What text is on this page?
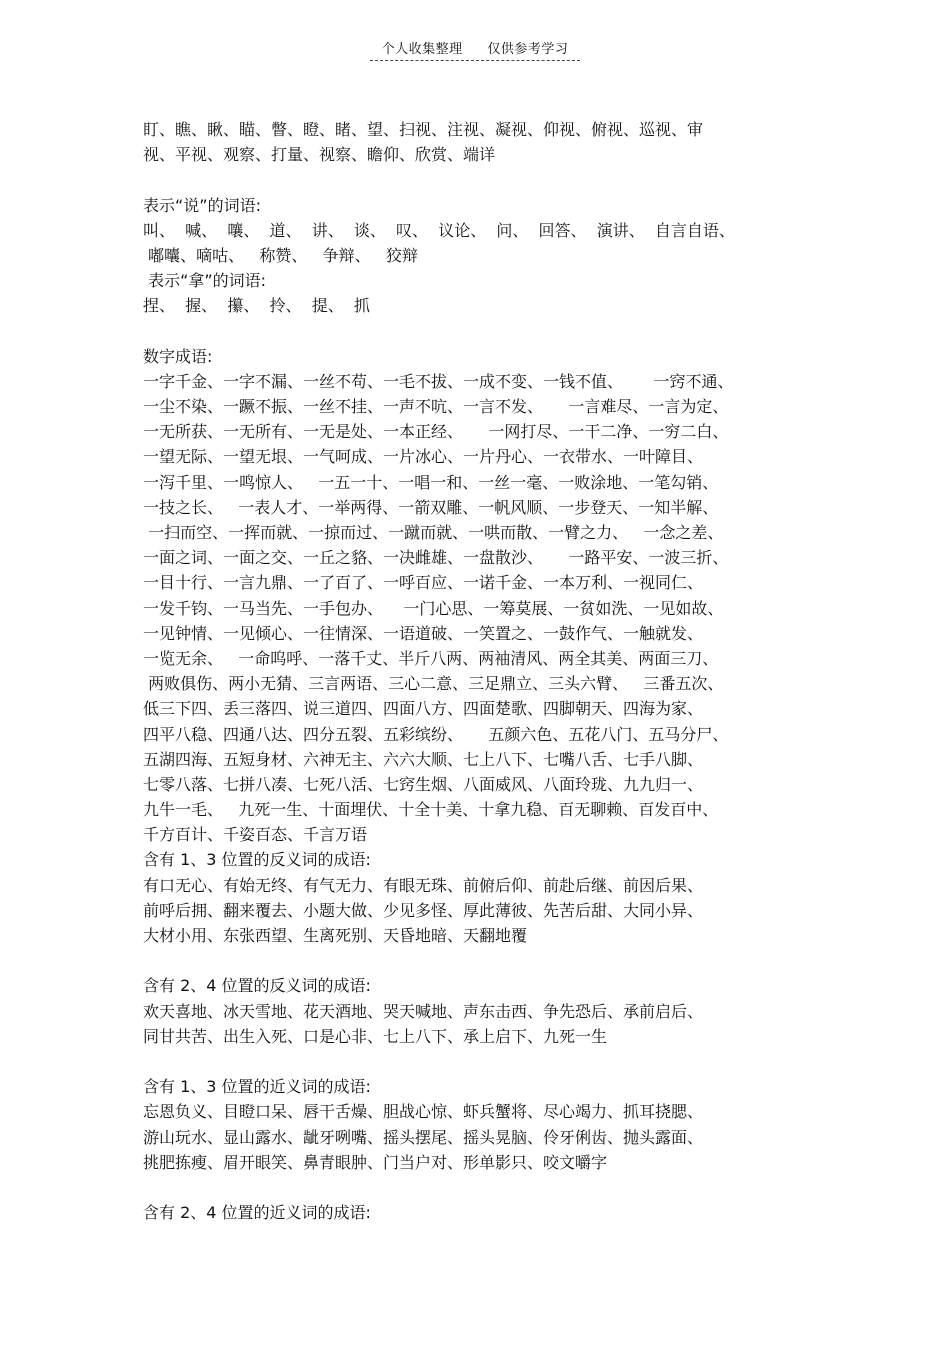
个人收集整理 仅供参考学习
盯、瞧、瞅、瞄、瞥、瞪、睹、望、扫视、注视、凝视、仰视、俯视、巡视、审
视、平视、观察、打量、视察、瞻仰、欣赏、端详
表示“说”的词语:
叫、  喊、  嚷、  道、  讲、  谈、  叹、  议论、  问、  回答、  演讲、  自言自语、
嘟囔、嘀咕、   称赞、   争辩、   狡辩
表示“拿”的词语:
捏、  握、  攥、  拎、  提、  抓
数字成语:
一字千金、一字不漏、一丝不苟、一毛不拔、一成不变、一钱不值、      一窍不通、
一尘不染、一蹶不振、一丝不挂、一声不吭、一言不发、     一言难尽、一言为定、
一无所获、一无所有、一无是处、一本正经、     一网打尽、一干二净、一穷二白、
一望无际、一望无垠、一气呵成、一片冰心、一片丹心、一衣带水、一叶障目、
一泻千里、一鸣惊人、   一五一十、一唱一和、一丝一毫、一败涂地、一笔勾销、
一技之长、   一表人才、一举两得、一箭双雕、一帆风顺、一步登天、一知半解、
一扫而空、一挥而就、一掠而过、一蹴而就、一哄而散、一臂之力、   一念之差、
一面之词、一面之交、一丘之貉、一决雌雄、一盘散沙、     一路平安、一波三折、
一目十行、一言九鼎、一了百了、一呼百应、一诺千金、一本万利、一视同仁、
一发千钧、一马当先、一手包办、    一门心思、一筹莫展、一贫如洗、一见如故、
一见钟情、一见倾心、一往情深、一语道破、一笑置之、一鼓作气、一触就发、
一览无余、   一命呜呼、一落千丈、半斤八两、两袖清风、两全其美、两面三刀、
两败俱伤、两小无猜、三言两语、三心二意、三足鼎立、三头六臂、   三番五次、
低三下四、丢三落四、说三道四、四面八方、四面楚歌、四脚朝天、四海为家、
四平八稳、四通八达、四分五裂、五彩缤纷、     五颜六色、五花八门、五马分尸、
五湖四海、五短身材、六神无主、六六大顺、七上八下、七嘴八舌、七手八脚、
七零八落、七拼八凑、七死八活、七窍生烟、八面威风、八面玲珑、九九归一、
九牛一毛、   九死一生、十面埋伏、十全十美、十拿九稳、百无聊赖、百发百中、
千方百计、千姿百态、千言万语
含有 1、3 位置的反义词的成语:
有口无心、有始无终、有气无力、有眼无珠、前俯后仰、前赴后继、前因后果、
前呼后拥、翻来覆去、小题大做、少见多怪、厚此薄彼、先苦后甜、大同小异、
大材小用、东张西望、生离死别、天昏地暗、天翻地覆
含有 2、4 位置的反义词的成语:
欢天喜地、冰天雪地、花天酒地、哭天喊地、声东击西、争先恐后、承前启后、
同甘共苦、出生入死、口是心非、七上八下、承上启下、九死一生
含有 1、3 位置的近义词的成语:
忘恩负义、目瞪口呆、唇干舌燥、胆战心惊、虾兵蟹将、尽心竭力、抓耳挠腮、
游山玩水、显山露水、龇牙咧嘴、摇头摆尾、摇头晃脑、伶牙俐齿、抛头露面、
挑肥拣瘦、眉开眼笑、鼻青眼肿、门当户对、形单影只、咬文嚼字
含有 2、4 位置的近义词的成语:
